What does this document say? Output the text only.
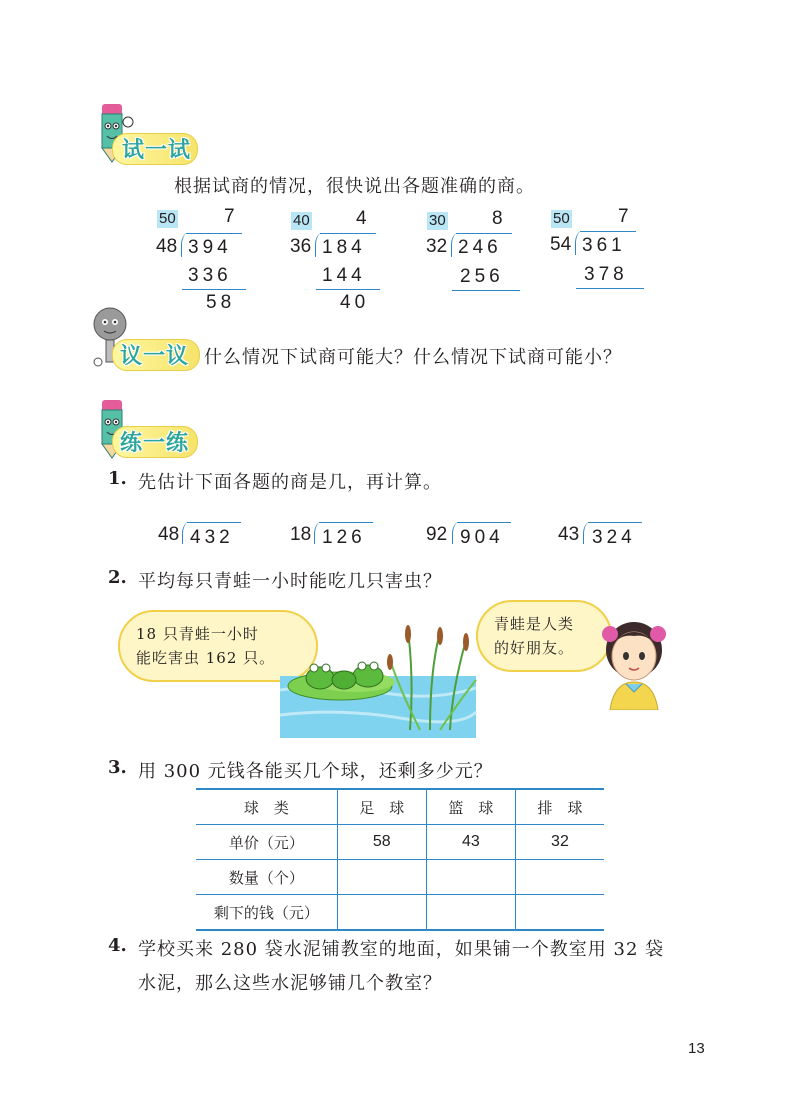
试一试
根据试商的情况，很快说出各题准确的商。
50	7
48 394
336
58
40 4
36 184
144
40
30 8
32 246
256
50	7
54 361
378
议一议 什么情况下试商可能大？什么情况下试商可能小？
练一练
1. 先估计下面各题的商是几，再计算。
48 432	18 126	92 904	43 324
2. 平均每只青蛙一小时能吃几只害虫？
18 只青蛙一小时
能吃害虫 162 只。
青蛙是人类
的好朋友。
3. 用 300 元钱各能买几个球，还剩多少元？
球　类	足　球	篮　球	排　球
单价（元）	58	43	32
数量（个）			
剩下的钱（元）			
4. 学校买来 280 袋水泥铺教室的地面，如果铺一个教室用 32 袋
水泥，那么这些水泥够铺几个教室？
13
